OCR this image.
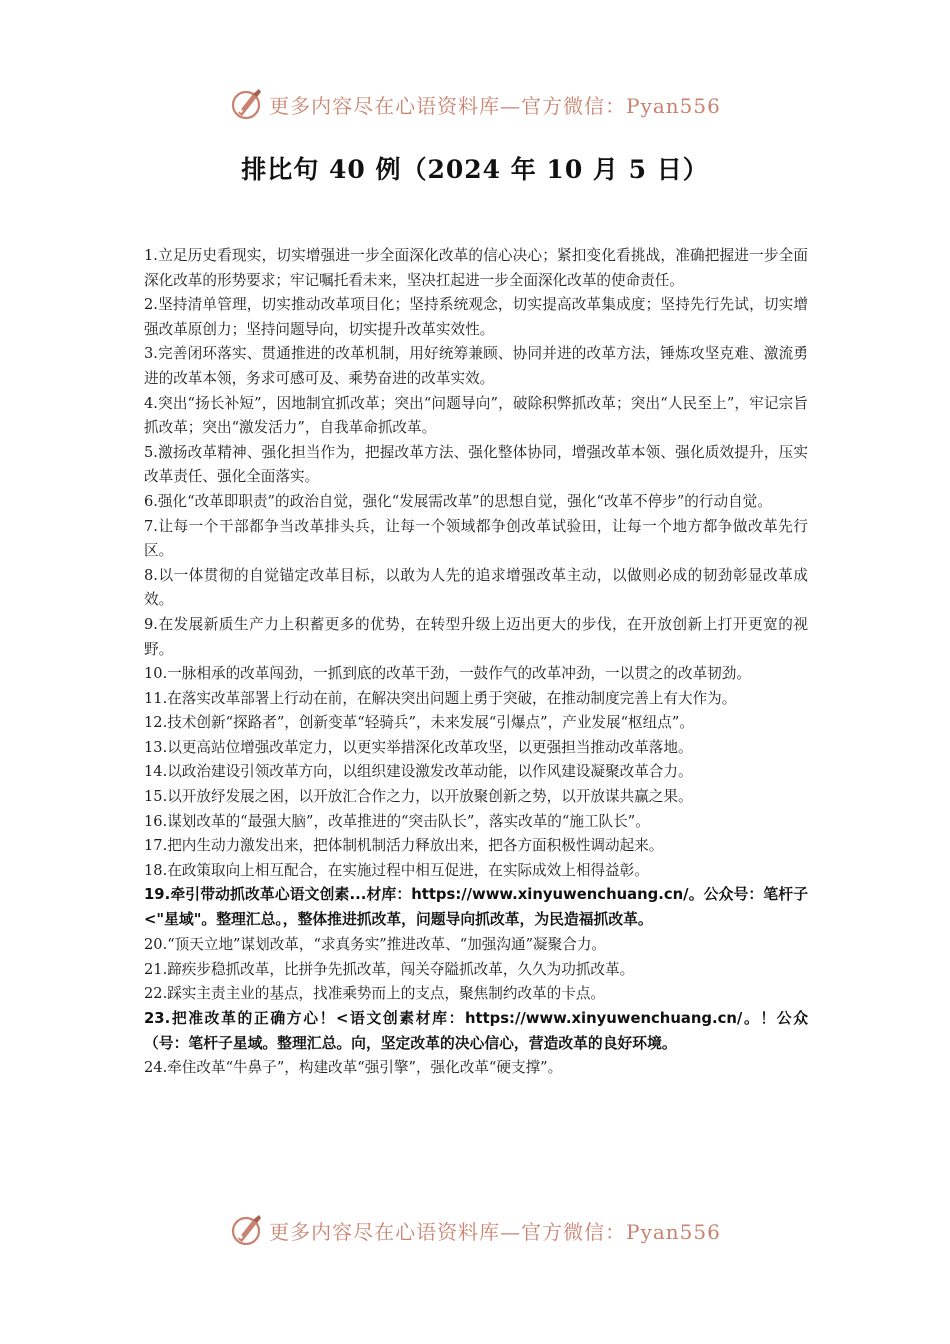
更多内容尽在心语资料库—官方微信：Pyan556
排比句 40 例（2024 年 10 月 5 日）

1.立足历史看现实，切实增强进一步全面深化改革的信心决心；紧扣变化看挑战，准确把握进一步全面深化改革的形势要求；牢记嘱托看未来，坚决扛起进一步全面深化改革的使命责任。

2.坚持清单管理，切实推动改革项目化；坚持系统观念，切实提高改革集成度；坚持先行先试，切实增强改革原创力；坚持问题导向，切实提升改革实效性。

3.完善闭环落实、贯通推进的改革机制，用好统筹兼顾、协同并进的改革方法，锤炼攻坚克难、激流勇进的改革本领，务求可感可及、乘势奋进的改革实效。

4.突出“扬长补短”，因地制宜抓改革；突出“问题导向”，破除积弊抓改革；突出“人民至上”，牢记宗旨抓改革；突出“激发活力”，自我革命抓改革。

5.激扬改革精神、强化担当作为，把握改革方法、强化整体协同，增强改革本领、强化质效提升，压实改革责任、强化全面落实。

6.强化“改革即职责”的政治自觉，强化“发展需改革”的思想自觉，强化“改革不停步”的行动自觉。

7.让每一个干部都争当改革排头兵，让每一个领域都争创改革试验田，让每一个地方都争做改革先行区。

8.以一体贯彻的自觉锚定改革目标，以敢为人先的追求增强改革主动，以做则必成的韧劲彰显改革成效。

9.在发展新质生产力上积蓄更多的优势，在转型升级上迈出更大的步伐，在开放创新上打开更宽的视野。

10.一脉相承的改革闯劲，一抓到底的改革干劲，一鼓作气的改革冲劲，一以贯之的改革韧劲。

11.在落实改革部署上行动在前，在解决突出问题上勇于突破，在推动制度完善上有大作为。

12.技术创新“探路者”，创新变革“轻骑兵”，未来发展“引爆点”，产业发展“枢纽点”。

13.以更高站位增强改革定力，以更实举措深化改革攻坚，以更强担当推动改革落地。

14.以政治建设引领改革方向，以组织建设激发改革动能，以作风建设凝聚改革合力。

15.以开放纾发展之困，以开放汇合作之力，以开放聚创新之势，以开放谋共赢之果。

16.谋划改革的“最强大脑”，改革推进的“突击队长”，落实改革的“施工队长”。

17.把内生动力激发出来，把体制机制活力释放出来，把各方面积极性调动起来。

18.在政策取向上相互配合，在实施过程中相互促进，在实际成效上相得益彰。

19.牵引带动抓改革心语文创素...材库：https://www.xinyuwenchuang.cn/。公众号：笔杆子<"星域"。整理汇总。，整体推进抓改革，问题导向抓改革，为民造福抓改革。

20.“顶天立地”谋划改革，“求真务实”推进改革、“加强沟通”凝聚合力。

21.蹄疾步稳抓改革，比拼争先抓改革，闯关夺隘抓改革，久久为功抓改革。

22.踩实主责主业的基点，找准乘势而上的支点，聚焦制约改革的卡点。

23.把准改革的正确方心！<语文创素材库：https://www.xinyuwenchuang.cn/。！公众（号：笔杆子星域。整理汇总。向，坚定改革的决心信心，营造改革的良好环境。

24.牵住改革“牛鼻子”，构建改革“强引擎”，强化改革“硬支撑”。

更多内容尽在心语资料库—官方微信：Pyan556
